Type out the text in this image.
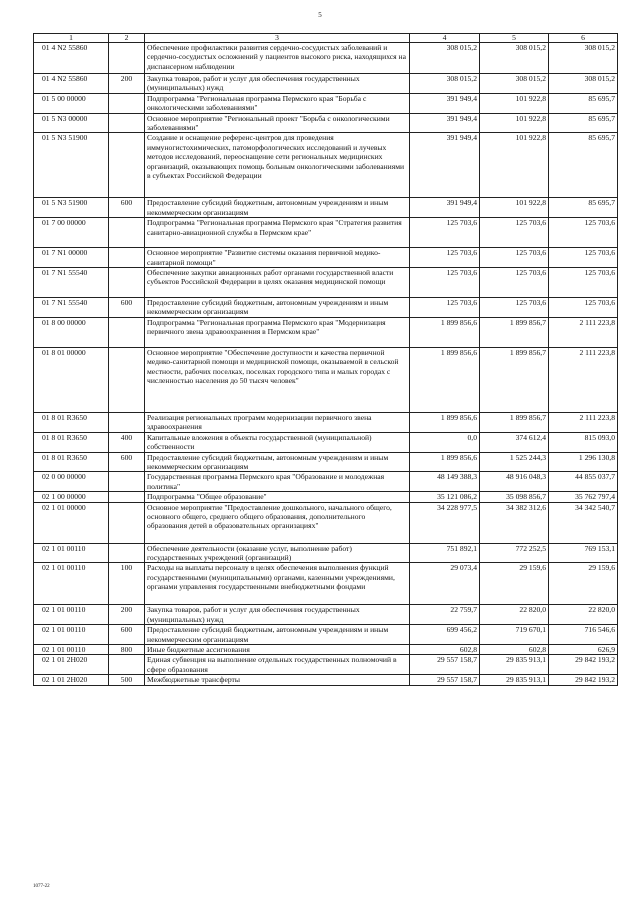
5
1	2	3	4	5	6
01 4 N2 55860		Обеспечение профилактики развития сердечно-сосудистых заболеваний и сердечно-сосудистых осложнений у пациентов высокого риска, находящихся на диспансерном наблюдении	308 015,2	308 015,2	308 015,2
01 4 N2 55860	200	Закупка товаров, работ и услуг для обеспечения государственных (муниципальных) нужд	308 015,2	308 015,2	308 015,2
01 5 00 00000		Подпрограмма "Региональная программа Пермского края "Борьба с онкологическими заболеваниями"	391 949,4	101 922,8	85 695,7
01 5 N3 00000		Основное мероприятие "Региональный проект "Борьба с онкологическими заболеваниями"	391 949,4	101 922,8	85 695,7
01 5 N3 51900		Создание и оснащение референс-центров для проведения иммуногистохимических, патоморфологических исследований и лучевых методов исследований, переоснащение сети региональных медицинских организаций, оказывающих помощь больным онкологическими заболеваниями в субъектах Российской Федерации	391 949,4	101 922,8	85 695,7
01 5 N3 51900	600	Предоставление субсидий бюджетным, автономным учреждениям и иным некоммерческим организациям	391 949,4	101 922,8	85 695,7
01 7 00 00000		Подпрограмма "Региональная программа Пермского края "Стратегия развития санитарно-авиационной службы в Пермском крае"	125 703,6	125 703,6	125 703,6
01 7 N1 00000		Основное мероприятие "Развитие системы оказания первичной медико-санитарной помощи"	125 703,6	125 703,6	125 703,6
01 7 N1 55540		Обеспечение закупки авиационных работ органами государственной власти субъектов Российской Федерации в целях оказания медицинской помощи	125 703,6	125 703,6	125 703,6
01 7 N1 55540	600	Предоставление субсидий бюджетным, автономным учреждениям и иным некоммерческим организациям	125 703,6	125 703,6	125 703,6
01 8 00 00000		Подпрограмма "Региональная программа Пермского края "Модернизация первичного звена здравоохранения в Пермском крае"	1 899 856,6	1 899 856,7	2 111 223,8
01 8 01 00000		Основное мероприятие "Обеспечение доступности и качества первичной медико-санитарной помощи и медицинской помощи, оказываемой в сельской местности, рабочих поселках, поселках городского типа и малых городах с численностью населения до 50 тысяч человек"	1 899 856,6	1 899 856,7	2 111 223,8
01 8 01 R3650		Реализация региональных программ модернизации первичного звена здравоохранения	1 899 856,6	1 899 856,7	2 111 223,8
01 8 01 R3650	400	Капитальные вложения в объекты государственной (муниципальной) собственности	0,0	374 612,4	815 093,0
01 8 01 R3650	600	Предоставление субсидий бюджетным, автономным учреждениям и иным некоммерческим организациям	1 899 856,6	1 525 244,3	1 296 130,8
02 0 00 00000		Государственная программа Пермского края "Образование и молодежная политика"	48 149 388,3	48 916 048,3	44 855 037,7
02 1 00 00000		Подпрограмма "Общее образование"	35 121 086,2	35 098 856,7	35 762 797,4
02 1 01 00000		Основное мероприятие "Предоставление дошкольного, начального общего, основного общего, среднего общего образования, дополнительного образования детей в образовательных организациях"	34 228 977,5	34 382 312,6	34 342 540,7
02 1 01 00110		Обеспечение деятельности (оказание услуг, выполнение работ) государственных учреждений (организаций)	751 892,1	772 252,5	769 153,1
02 1 01 00110	100	Расходы на выплаты персоналу в целях обеспечения выполнения функций государственными (муниципальными) органами, казенными учреждениями, органами управления государственными внебюджетными фондами	29 073,4	29 159,6	29 159,6
02 1 01 00110	200	Закупка товаров, работ и услуг для обеспечения государственных (муниципальных) нужд	22 759,7	22 820,0	22 820,0
02 1 01 00110	600	Предоставление субсидий бюджетным, автономным учреждениям и иным некоммерческим организациям	699 456,2	719 670,1	716 546,6
02 1 01 00110	800	Иные бюджетные ассигнования	602,8	602,8	626,9
02 1 01 2Н020		Единая субвенция на выполнение отдельных государственных полномочий в сфере образования	29 557 158,7	29 835 913,1	29 842 193,2
02 1 01 2Н020	500	Межбюджетные трансферты	29 557 158,7	29 835 913,1	29 842 193,2
1077-22
